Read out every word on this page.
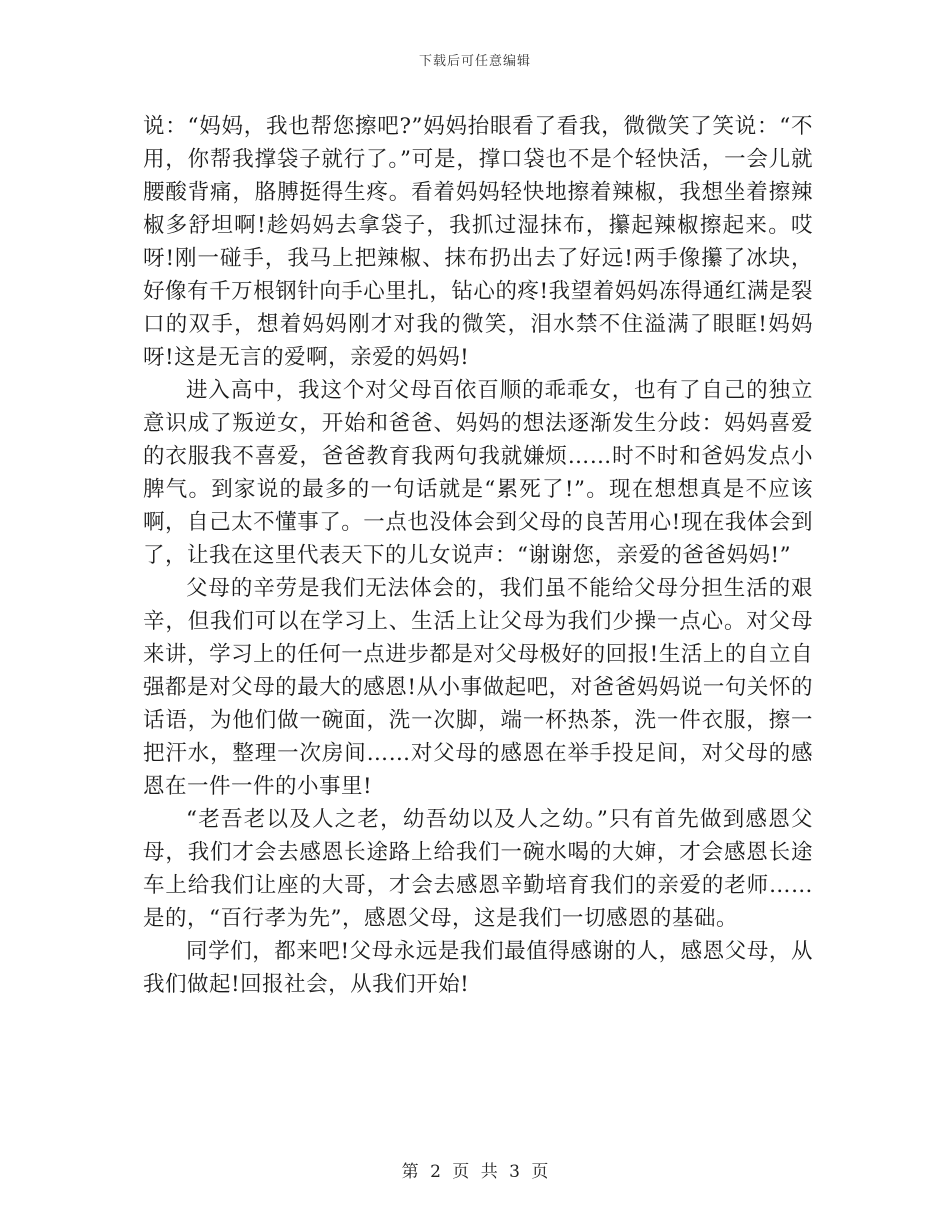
下载后可任意编辑

说：“妈妈，我也帮您擦吧?”妈妈抬眼看了看我，微微笑了笑说：“不用，你帮我撑袋子就行了。”可是，撑口袋也不是个轻快活，一会儿就腰酸背痛，胳膊挺得生疼。看着妈妈轻快地擦着辣椒，我想坐着擦辣椒多舒坦啊!趁妈妈去拿袋子，我抓过湿抹布，攥起辣椒擦起来。哎呀!刚一碰手，我马上把辣椒、抹布扔出去了好远!两手像攥了冰块，好像有千万根钢针向手心里扎，钻心的疼!我望着妈妈冻得通红满是裂口的双手，想着妈妈刚才对我的微笑，泪水禁不住溢满了眼眶!妈妈呀!这是无言的爱啊，亲爱的妈妈!

进入高中，我这个对父母百依百顺的乖乖女，也有了自己的独立意识成了叛逆女，开始和爸爸、妈妈的想法逐渐发生分歧：妈妈喜爱的衣服我不喜爱，爸爸教育我两句我就嫌烦……时不时和爸妈发点小脾气。到家说的最多的一句话就是“累死了!”。现在想想真是不应该啊，自己太不懂事了。一点也没体会到父母的良苦用心!现在我体会到了，让我在这里代表天下的儿女说声：“谢谢您，亲爱的爸爸妈妈!”

父母的辛劳是我们无法体会的，我们虽不能给父母分担生活的艰辛，但我们可以在学习上、生活上让父母为我们少操一点心。对父母来讲，学习上的任何一点进步都是对父母极好的回报!生活上的自立自强都是对父母的最大的感恩!从小事做起吧，对爸爸妈妈说一句关怀的话语，为他们做一碗面，洗一次脚，端一杯热茶，洗一件衣服，擦一把汗水，整理一次房间……对父母的感恩在举手投足间，对父母的感恩在一件一件的小事里!

“老吾老以及人之老，幼吾幼以及人之幼。”只有首先做到感恩父母，我们才会去感恩长途路上给我们一碗水喝的大婶，才会感恩长途车上给我们让座的大哥，才会去感恩辛勤培育我们的亲爱的老师……是的，“百行孝为先”，感恩父母，这是我们一切感恩的基础。

同学们，都来吧!父母永远是我们最值得感谢的人，感恩父母，从我们做起!回报社会，从我们开始!

第 2 页 共 3 页
